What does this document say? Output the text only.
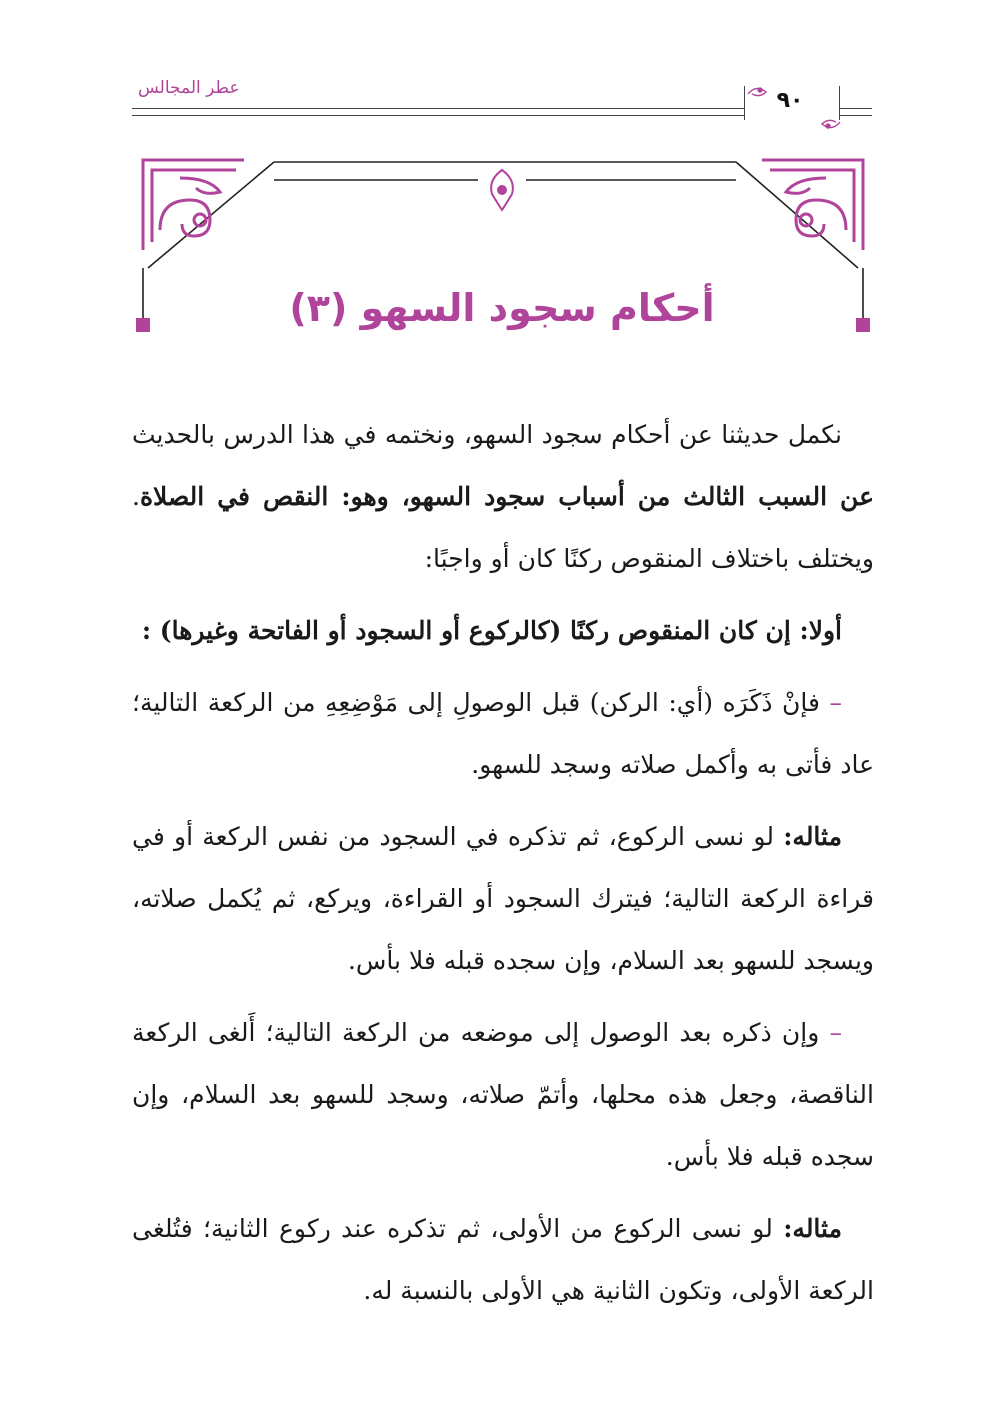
عطر المجالس	٩٠
أحكام سجود السهو (٣)

نكمل حديثنا عن أحكام سجود السهو، ونختمه في هذا الدرس بالحديث عن السبب الثالث من أسباب سجود السهو، وهو: النقص في الصلاة. ويختلف باختلاف المنقوص ركنًا كان أو واجبًا:

أولا: إن كان المنقوص ركنًا (كالركوع أو السجود أو الفاتحة وغيرها) :

– فإنْ ذَكَرَه (أي: الركن) قبل الوصولِ إلى مَوْضِعِهِ من الركعة التالية؛ عاد فأتى به وأكمل صلاته وسجد للسهو.

مثاله: لو نسى الركوع، ثم تذكره في السجود من نفس الركعة أو في قراءة الركعة التالية؛ فيترك السجود أو القراءة، ويركع، ثم يُكمل صلاته، ويسجد للسهو بعد السلام، وإن سجده قبله فلا بأس.

– وإن ذكره بعد الوصول إلى موضعه من الركعة التالية؛ أَلغى الركعة الناقصة، وجعل هذه محلها، وأتمّ صلاته، وسجد للسهو بعد السلام، وإن سجده قبله فلا بأس.

مثاله: لو نسى الركوع من الأولى، ثم تذكره عند ركوع الثانية؛ فتُلغى الركعة الأولى، وتكون الثانية هي الأولى بالنسبة له.
